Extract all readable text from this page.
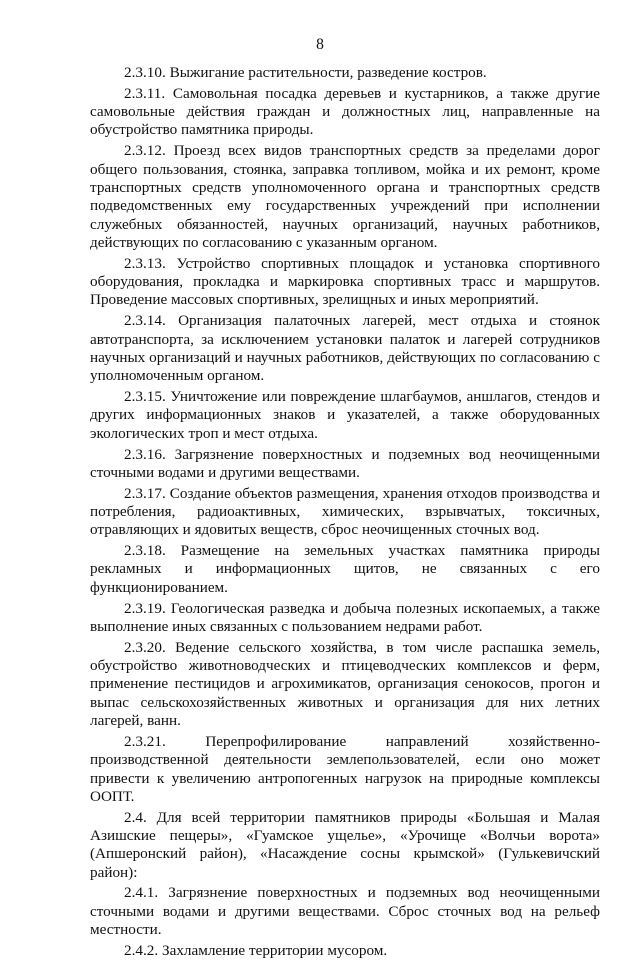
8

2.3.10. Выжигание растительности, разведение костров.

2.3.11. Самовольная посадка деревьев и кустарников, а также другие самовольные действия граждан и должностных лиц, направленные на обустройство памятника природы.

2.3.12. Проезд всех видов транспортных средств за пределами дорог общего пользования, стоянка, заправка топливом, мойка и их ремонт, кроме транспортных средств уполномоченного органа и транспортных средств подведомственных ему государственных учреждений при исполнении служебных обязанностей, научных организаций, научных работников, действующих по согласованию с указанным органом.

2.3.13. Устройство спортивных площадок и установка спортивного оборудования, прокладка и маркировка спортивных трасс и маршрутов. Проведение массовых спортивных, зрелищных и иных мероприятий.

2.3.14. Организация палаточных лагерей, мест отдыха и стоянок автотранспорта, за исключением установки палаток и лагерей сотрудников научных организаций и научных работников, действующих по согласованию с уполномоченным органом.

2.3.15. Уничтожение или повреждение шлагбаумов, аншлагов, стендов и других информационных знаков и указателей, а также оборудованных экологических троп и мест отдыха.

2.3.16. Загрязнение поверхностных и подземных вод неочищенными сточными водами и другими веществами.

2.3.17. Создание объектов размещения, хранения отходов производства и потребления, радиоактивных, химических, взрывчатых, токсичных, отравляющих и ядовитых веществ, сброс неочищенных сточных вод.

2.3.18. Размещение на земельных участках памятника природы рекламных и информационных щитов, не связанных с его функционированием.

2.3.19. Геологическая разведка и добыча полезных ископаемых, а также выполнение иных связанных с пользованием недрами работ.

2.3.20. Ведение сельского хозяйства, в том числе распашка земель, обустройство животноводческих и птицеводческих комплексов и ферм, применение пестицидов и агрохимикатов, организация сенокосов, прогон и выпас сельскохозяйственных животных и организация для них летних лагерей, ванн.

2.3.21. Перепрофилирование направлений хозяйственно-производственной деятельности землепользователей, если оно может привести к увеличению антропогенных нагрузок на природные комплексы ООПТ.

2.4. Для всей территории памятников природы «Большая и Малая Азишские пещеры», «Гуамское ущелье», «Урочище «Волчьи ворота» (Апшеронский район), «Насаждение сосны крымской» (Гулькевичский район):

2.4.1. Загрязнение поверхностных и подземных вод неочищенными сточными водами и другими веществами. Сброс сточных вод на рельеф местности.

2.4.2. Захламление территории мусором.
